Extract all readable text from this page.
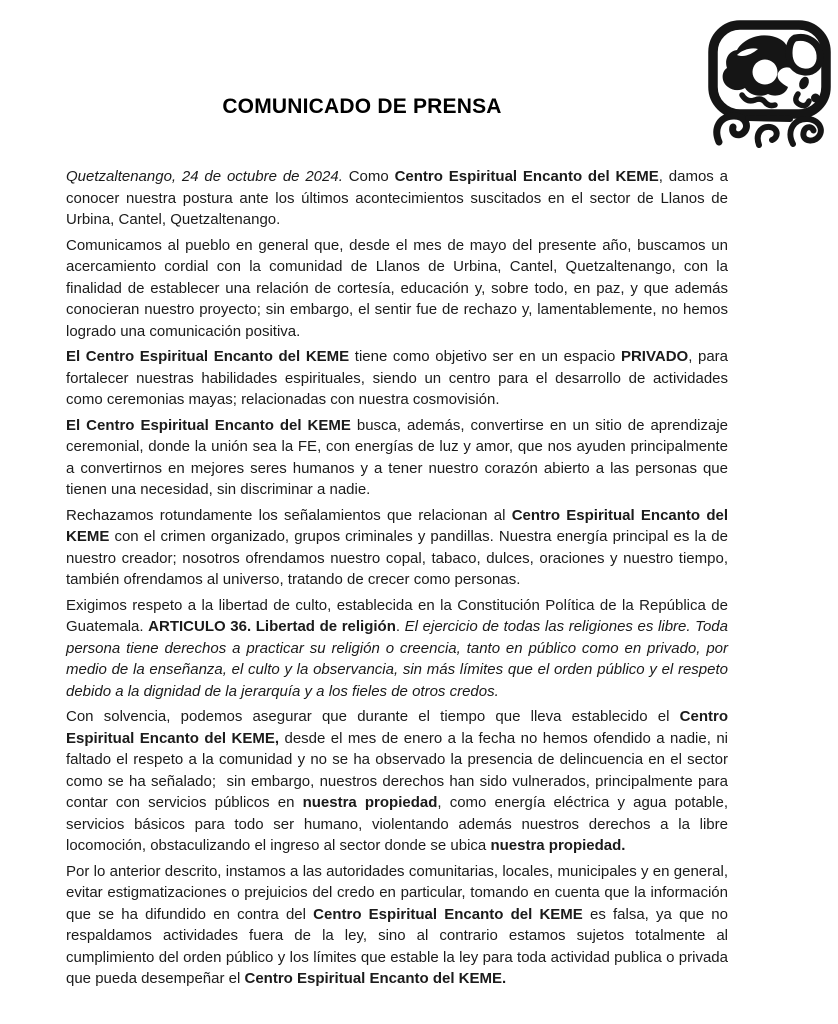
COMUNICADO DE PRENSA

Quetzaltenango, 24 de octubre de 2024. Como Centro Espiritual Encanto del KEME, damos a conocer nuestra postura ante los últimos acontecimientos suscitados en el sector de Llanos de Urbina, Cantel, Quetzaltenango.

Comunicamos al pueblo en general que, desde el mes de mayo del presente año, buscamos un acercamiento cordial con la comunidad de Llanos de Urbina, Cantel, Quetzaltenango, con la finalidad de establecer una relación de cortesía, educación y, sobre todo, en paz, y que además conocieran nuestro proyecto; sin embargo, el sentir fue de rechazo y, lamentablemente, no hemos logrado una comunicación positiva.

El Centro Espiritual Encanto del KEME tiene como objetivo ser en un espacio PRIVADO, para fortalecer nuestras habilidades espirituales, siendo un centro para el desarrollo de actividades como ceremonias mayas; relacionadas con nuestra cosmovisión.

El Centro Espiritual Encanto del KEME busca, además, convertirse en un sitio de aprendizaje ceremonial, donde la unión sea la FE, con energías de luz y amor, que nos ayuden principalmente a convertirnos en mejores seres humanos y a tener nuestro corazón abierto a las personas que tienen una necesidad, sin discriminar a nadie.

Rechazamos rotundamente los señalamientos que relacionan al Centro Espiritual Encanto del KEME con el crimen organizado, grupos criminales y pandillas. Nuestra energía principal es la de nuestro creador; nosotros ofrendamos nuestro copal, tabaco, dulces, oraciones y nuestro tiempo, también ofrendamos al universo, tratando de crecer como personas.

Exigimos respeto a la libertad de culto, establecida en la Constitución Política de la República de Guatemala. ARTICULO 36. Libertad de religión. El ejercicio de todas las religiones es libre. Toda persona tiene derechos a practicar su religión o creencia, tanto en público como en privado, por medio de la enseñanza, el culto y la observancia, sin más límites que el orden público y el respeto debido a la dignidad de la jerarquía y a los fieles de otros credos.

Con solvencia, podemos asegurar que durante el tiempo que lleva establecido el Centro Espiritual Encanto del KEME, desde el mes de enero a la fecha no hemos ofendido a nadie, ni faltado el respeto a la comunidad y no se ha observado la presencia de delincuencia en el sector como se ha señalado;  sin embargo, nuestros derechos han sido vulnerados, principalmente para contar con servicios públicos en nuestra propiedad, como energía eléctrica y agua potable, servicios básicos para todo ser humano, violentando además nuestros derechos a la libre locomoción, obstaculizando el ingreso al sector donde se ubica nuestra propiedad.

Por lo anterior descrito, instamos a las autoridades comunitarias, locales, municipales y en general, evitar estigmatizaciones o prejuicios del credo en particular, tomando en cuenta que la información que se ha difundido en contra del Centro Espiritual Encanto del KEME es falsa, ya que no respaldamos actividades fuera de la ley, sino al contrario estamos sujetos totalmente al cumplimiento del orden público y los límites que estable la ley para toda actividad publica o privada que pueda desempeñar el Centro Espiritual Encanto del KEME.
